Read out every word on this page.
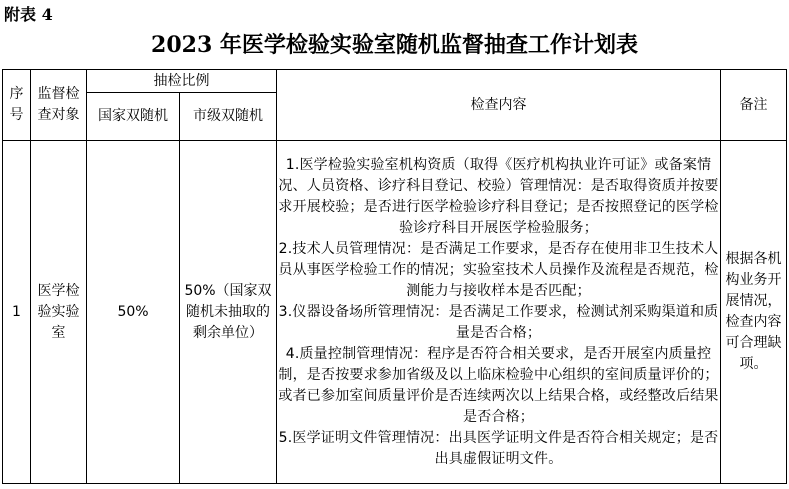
附表 4
2023 年医学检验实验室随机监督抽查工作计划表
序号	监督检查对象	抽检比例		检查内容	备注
		国家双随机	市级双随机		
1	医学检验实验室	50%	50%（国家双随机未抽取的剩余单位）	1.医学检验实验室机构资质（取得《医疗机构执业许可证》或备案情况、人员资格、诊疗科目登记、校验）管理情况：是否取得资质并按要求开展校验；是否进行医学检验诊疗科目登记；是否按照登记的医学检验诊疗科目开展医学检验服务；

2.技术人员管理情况：是否满足工作要求，是否存在使用非卫生技术人员从事医学检验工作的情况；实验室技术人员操作及流程是否规范，检测能力与接收样本是否匹配；

3.仪器设备场所管理情况：是否满足工作要求，检测试剂采购渠道和质量是否合格；

4.质量控制管理情况：程序是否符合相关要求，是否开展室内质量控制，是否按要求参加省级及以上临床检验中心组织的室间质量评价的；或者已参加室间质量评价是否连续两次以上结果合格，或经整改后结果是否合格；

5.医学证明文件管理情况：出具医学证明文件是否符合相关规定；是否出具虚假证明文件。	根据各机构业务开展情况，检查内容可合理缺项。
